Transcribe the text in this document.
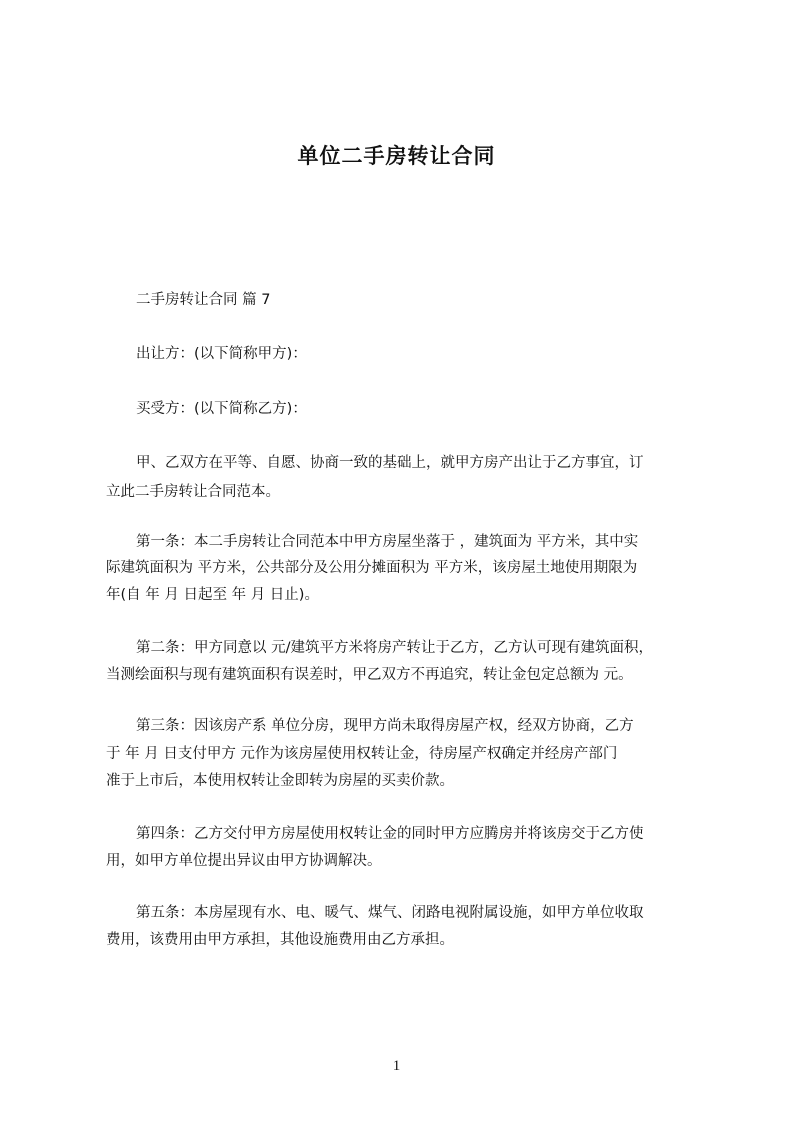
单位二手房转让合同
二手房转让合同 篇 7
出让方：(以下简称甲方)：
买受方：(以下简称乙方)：
甲、乙双方在平等、自愿、协商一致的基础上，就甲方房产出让于乙方事宜，订
立此二手房转让合同范本。
第一条：本二手房转让合同范本中甲方房屋坐落于 ，建筑面为 平方米，其中实
际建筑面积为 平方米，公共部分及公用分摊面积为 平方米，该房屋土地使用期限为
年(自 年 月 日起至 年 月 日止)。
第二条：甲方同意以 元/建筑平方米将房产转让于乙方，乙方认可现有建筑面积，
当测绘面积与现有建筑面积有误差时，甲乙双方不再追究，转让金包定总额为 元。
第三条：因该房产系 单位分房，现甲方尚未取得房屋产权，经双方协商，乙方
于 年 月 日支付甲方 元作为该房屋使用权转让金，待房屋产权确定并经房产部门
准于上市后，本使用权转让金即转为房屋的买卖价款。
第四条：乙方交付甲方房屋使用权转让金的同时甲方应腾房并将该房交于乙方使
用，如甲方单位提出异议由甲方协调解决。
第五条：本房屋现有水、电、暖气、煤气、闭路电视附属设施，如甲方单位收取
费用，该费用由甲方承担，其他设施费用由乙方承担。
1
